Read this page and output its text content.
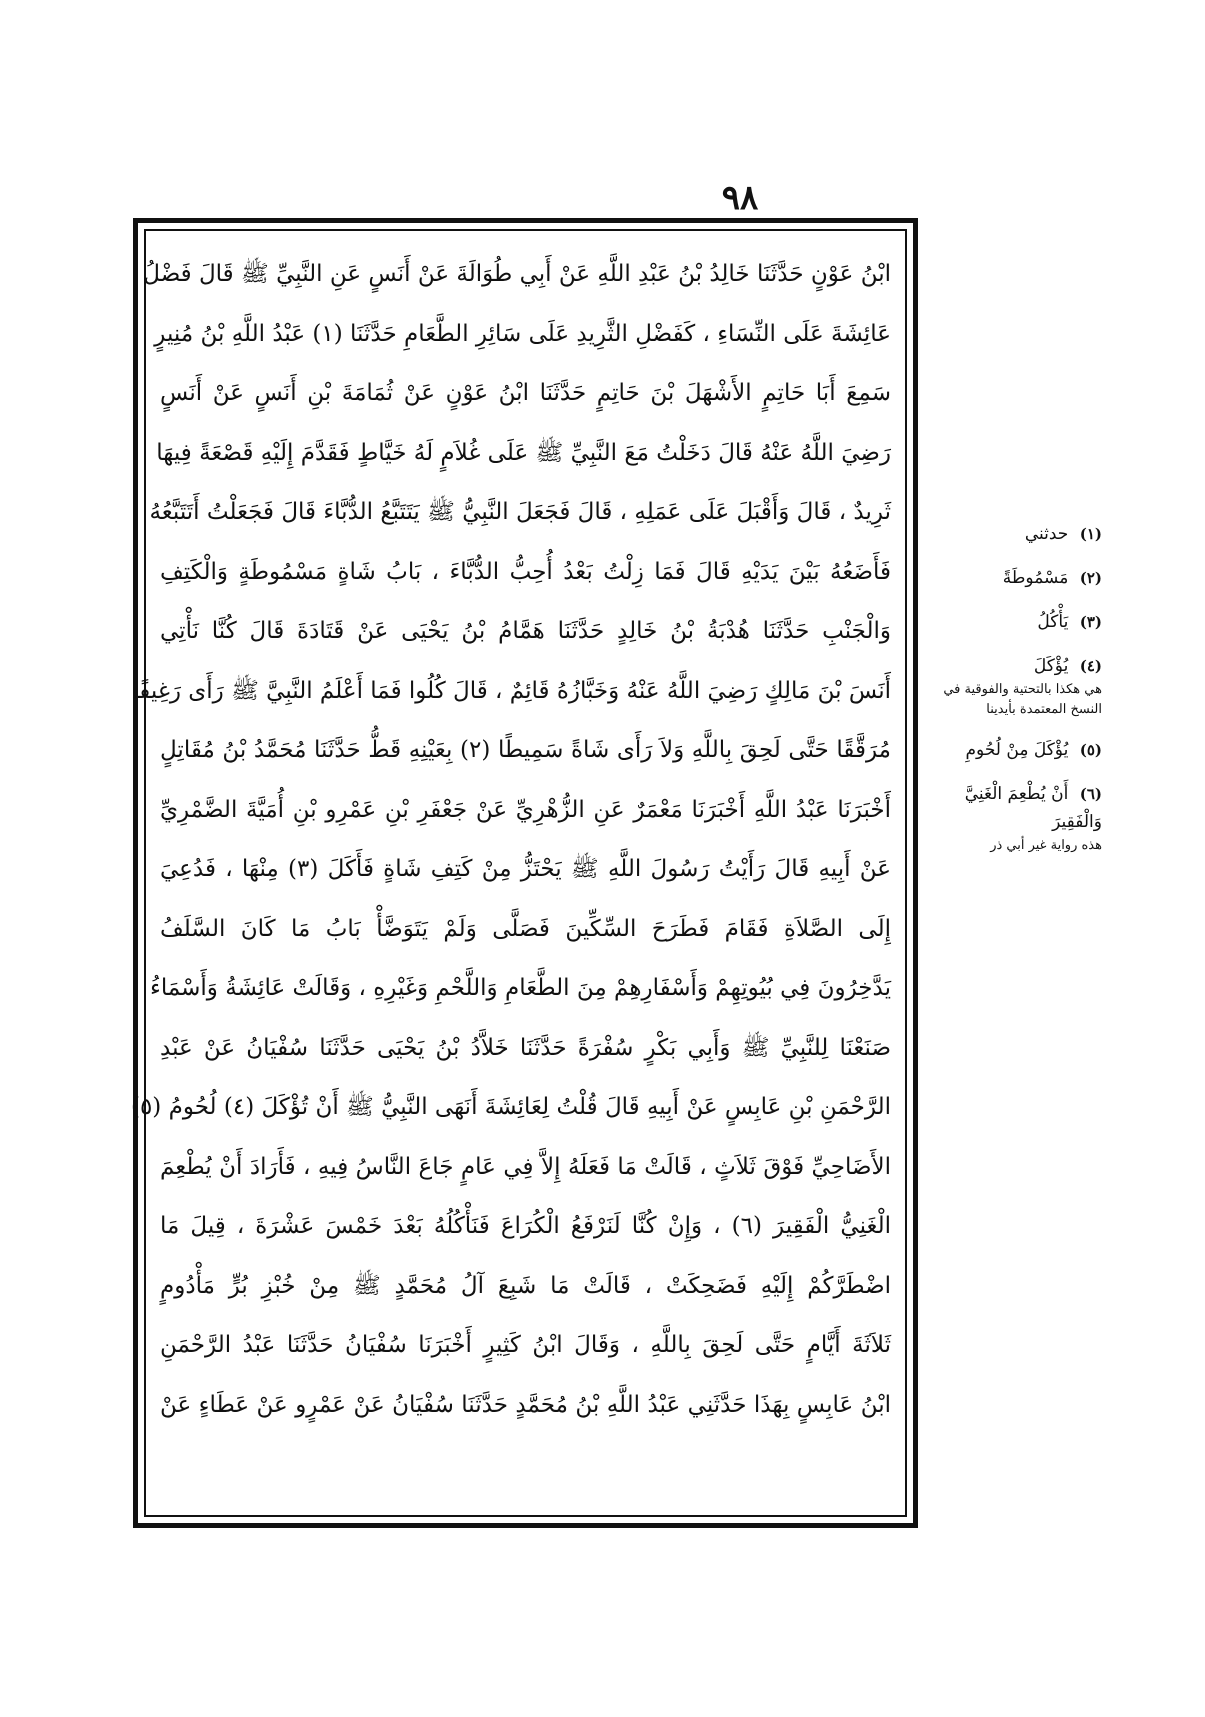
٩٨
ابْنُ عَوْنٍ حَدَّثَنَا خَالِدُ بْنُ عَبْدِ اللَّهِ عَنْ أَبِي طُوَالَةَ عَنْ أَنَسٍ عَنِ النَّبِيِّ ﷺ قَالَ فَضْلُ
عَائِشَةَ عَلَى النِّسَاءِ ، كَفَضْلِ الثَّرِيدِ عَلَى سَائِرِ الطَّعَامِ حَدَّثَنَا (١) عَبْدُ اللَّهِ بْنُ مُنِيرٍ
سَمِعَ أَبَا حَاتِمٍ الأَشْهَلَ بْنَ حَاتِمٍ حَدَّثَنَا ابْنُ عَوْنٍ عَنْ ثُمَامَةَ بْنِ أَنَسٍ عَنْ أَنَسٍ
رَضِيَ اللَّهُ عَنْهُ قَالَ دَخَلْتُ مَعَ النَّبِيِّ ﷺ عَلَى غُلاَمٍ لَهُ خَيَّاطٍ فَقَدَّمَ إِلَيْهِ قَصْعَةً فِيهَا
ثَرِيدٌ ، قَالَ وَأَقْبَلَ عَلَى عَمَلِهِ ، قَالَ فَجَعَلَ النَّبِيُّ ﷺ يَتَتَبَّعُ الدُّبَّاءَ قَالَ فَجَعَلْتُ أَتَتَبَّعُهُ
فَأَضَعُهُ بَيْنَ يَدَيْهِ قَالَ فَمَا زِلْتُ بَعْدُ أُحِبُّ الدُّبَّاءَ ، بَابُ شَاةٍ مَسْمُوطَةٍ وَالْكَتِفِ
وَالْجَنْبِ حَدَّثَنَا هُدْبَةُ بْنُ خَالِدٍ حَدَّثَنَا هَمَّامُ بْنُ يَحْيَى عَنْ قَتَادَةَ قَالَ كُنَّا نَأْتِي
أَنَسَ بْنَ مَالِكٍ رَضِيَ اللَّهُ عَنْهُ وَخَبَّازُهُ قَائِمٌ ، قَالَ كُلُوا فَمَا أَعْلَمُ النَّبِيَّ ﷺ رَأَى رَغِيفًا
مُرَقَّقًا حَتَّى لَحِقَ بِاللَّهِ وَلاَ رَأَى شَاةً سَمِيطًا (٢) بِعَيْنِهِ قَطُّ حَدَّثَنَا مُحَمَّدُ بْنُ مُقَاتِلٍ
أَخْبَرَنَا عَبْدُ اللَّهِ أَخْبَرَنَا مَعْمَرٌ عَنِ الزُّهْرِيِّ عَنْ جَعْفَرِ بْنِ عَمْرِو بْنِ أُمَيَّةَ الضَّمْرِيِّ
عَنْ أَبِيهِ قَالَ رَأَيْتُ رَسُولَ اللَّهِ ﷺ يَحْتَزُّ مِنْ كَتِفِ شَاةٍ فَأَكَلَ (٣) مِنْهَا ، فَدُعِيَ
إِلَى الصَّلاَةِ فَقَامَ فَطَرَحَ السِّكِّينَ فَصَلَّى وَلَمْ يَتَوَضَّأْ بَابُ مَا كَانَ السَّلَفُ
يَدَّخِرُونَ فِي بُيُوتِهِمْ وَأَسْفَارِهِمْ مِنَ الطَّعَامِ وَاللَّحْمِ وَغَيْرِهِ ، وَقَالَتْ عَائِشَةُ وَأَسْمَاءُ
صَنَعْنَا لِلنَّبِيِّ ﷺ وَأَبِي بَكْرٍ سُفْرَةً حَدَّثَنَا خَلاَّدُ بْنُ يَحْيَى حَدَّثَنَا سُفْيَانُ عَنْ عَبْدِ
الرَّحْمَنِ بْنِ عَابِسٍ عَنْ أَبِيهِ قَالَ قُلْتُ لِعَائِشَةَ أَنَهَى النَّبِيُّ ﷺ أَنْ تُؤْكَلَ (٤) لُحُومُ (٥)
الأَضَاحِيِّ فَوْقَ ثَلاَثٍ ، قَالَتْ مَا فَعَلَهُ إِلاَّ فِي عَامٍ جَاعَ النَّاسُ فِيهِ ، فَأَرَادَ أَنْ يُطْعِمَ
الْغَنِيُّ الْفَقِيرَ (٦) ، وَإِنْ كُنَّا لَنَرْفَعُ الْكُرَاعَ فَنَأْكُلُهُ بَعْدَ خَمْسَ عَشْرَةَ ، قِيلَ مَا
اضْطَرَّكُمْ إِلَيْهِ فَضَحِكَتْ ، قَالَتْ مَا شَبِعَ آلُ مُحَمَّدٍ ﷺ مِنْ خُبْزِ بُرٍّ مَأْدُومٍ
ثَلاَثَةَ أَيَّامٍ حَتَّى لَحِقَ بِاللَّهِ ، وَقَالَ ابْنُ كَثِيرٍ أَخْبَرَنَا سُفْيَانُ حَدَّثَنَا عَبْدُ الرَّحْمَنِ
ابْنُ عَابِسٍ بِهَذَا حَدَّثَنِي عَبْدُ اللَّهِ بْنُ مُحَمَّدٍ حَدَّثَنَا سُفْيَانُ عَنْ عَمْرٍو عَنْ عَطَاءٍ عَنْ
(١) حدثني
(٢) مَسْمُوطَةً
(٣) يَأْكُلُ
(٤) يُؤْكَلَ
هي هكذا بالتحتية والفوقية في النسخ المعتمدة بأيدينا
(٥) يُؤْكَلَ مِنْ لُحُومِ
(٦) أَنْ يُطْعِمَ الْغَنِيَّ وَالْفَقِيرَ
هذه رواية غير أبي ذر
